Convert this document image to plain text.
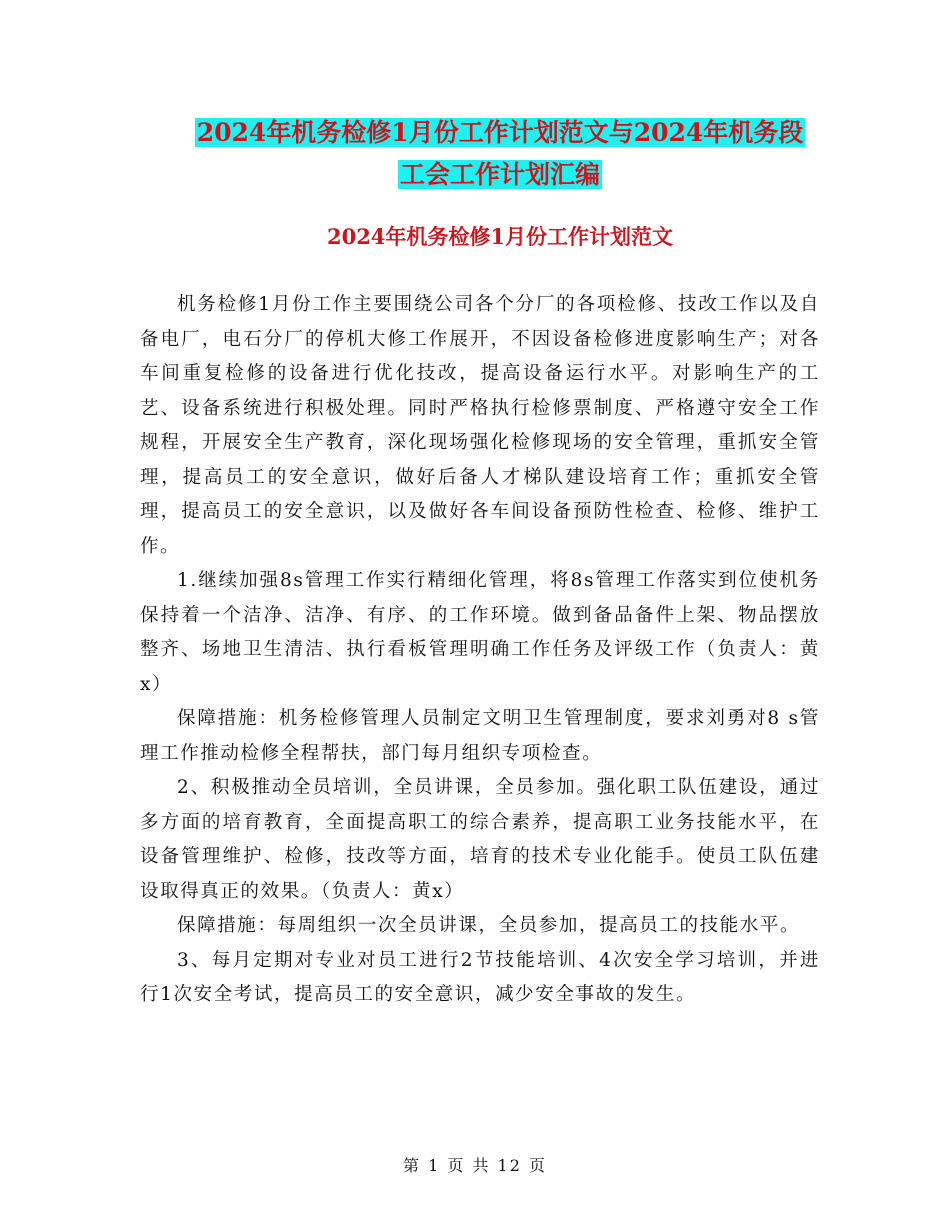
2024年机务检修1月份工作计划范文与2024年机务段
工会工作计划汇编
2024年机务检修1月份工作计划范文

机务检修1月份工作主要围绕公司各个分厂的各项检修、技改工作以及自备电厂，电石分厂的停机大修工作展开，不因设备检修进度影响生产；对各车间重复检修的设备进行优化技改，提高设备运行水平。对影响生产的工艺、设备系统进行积极处理。同时严格执行检修票制度、严格遵守安全工作规程，开展安全生产教育，深化现场强化检修现场的安全管理，重抓安全管理，提高员工的安全意识，做好后备人才梯队建设培育工作；重抓安全管理，提高员工的安全意识，以及做好各车间设备预防性检查、检修、维护工作。

1.继续加强8s管理工作实行精细化管理，将8s管理工作落实到位使机务保持着一个洁净、洁净、有序、的工作环境。做到备品备件上架、物品摆放整齐、场地卫生清洁、执行看板管理明确工作任务及评级工作（负责人：黄x）

保障措施：机务检修管理人员制定文明卫生管理制度，要求刘勇对8 s管理工作推动检修全程帮扶，部门每月组织专项检查。

2、积极推动全员培训，全员讲课，全员参加。强化职工队伍建设，通过多方面的培育教育，全面提高职工的综合素养，提高职工业务技能水平，在设备管理维护、检修，技改等方面，培育的技术专业化能手。使员工队伍建设取得真正的效果。（负责人：黄x）

保障措施：每周组织一次全员讲课，全员参加，提高员工的技能水平。

3、每月定期对专业对员工进行2节技能培训、4次安全学习培训，并进行1次安全考试，提高员工的安全意识，减少安全事故的发生。

第 1 页 共 12 页
